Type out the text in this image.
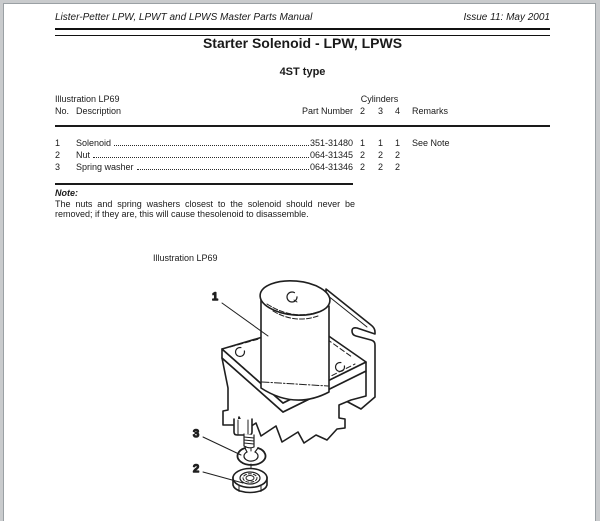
Lister-Petter LPW, LPWT and LPWS Master Parts Manual	Issue 11: May 2001
Starter Solenoid - LPW, LPWS
4ST type
Illustration LP69	Cylinders
No. Description	Part Number 2	3	4	Remarks
1	Solenoid	351-31480 1	1	1	See Note
2	Nut	064-31345 2	2	2
3	Spring washer	064-31346 2	2	2
Note:

The nuts and spring washers closest to the solenoid should never be removed; if they are, this will cause thesolenoid to disassemble.

Illustration LP69
1
3
2
